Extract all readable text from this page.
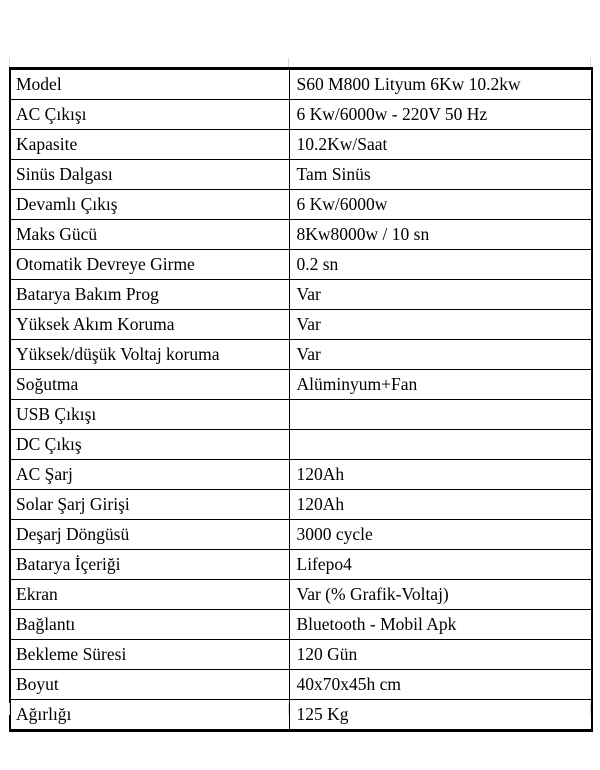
Model	S60 M800 Lityum 6Kw 10.2kw
AC Çıkışı	6 Kw/6000w - 220V 50 Hz
Kapasite	10.2Kw/Saat
Sinüs Dalgası	Tam Sinüs
Devamlı Çıkış	6 Kw/6000w
Maks Gücü	8Kw8000w / 10 sn
Otomatik Devreye Girme	0.2 sn
Batarya Bakım Prog	Var
Yüksek Akım Koruma	Var
Yüksek/düşük Voltaj koruma	Var
Soğutma	Alüminyum+Fan
USB Çıkışı	
DC Çıkış	
AC Şarj	120Ah
Solar Şarj Girişi	120Ah
Deşarj Döngüsü	3000 cycle
Batarya İçeriği	Lifepo4
Ekran	Var (% Grafik-Voltaj)
Bağlantı	Bluetooth - Mobil Apk
Bekleme Süresi	120 Gün
Boyut	40x70x45h cm
Ağırlığı	125 Kg
